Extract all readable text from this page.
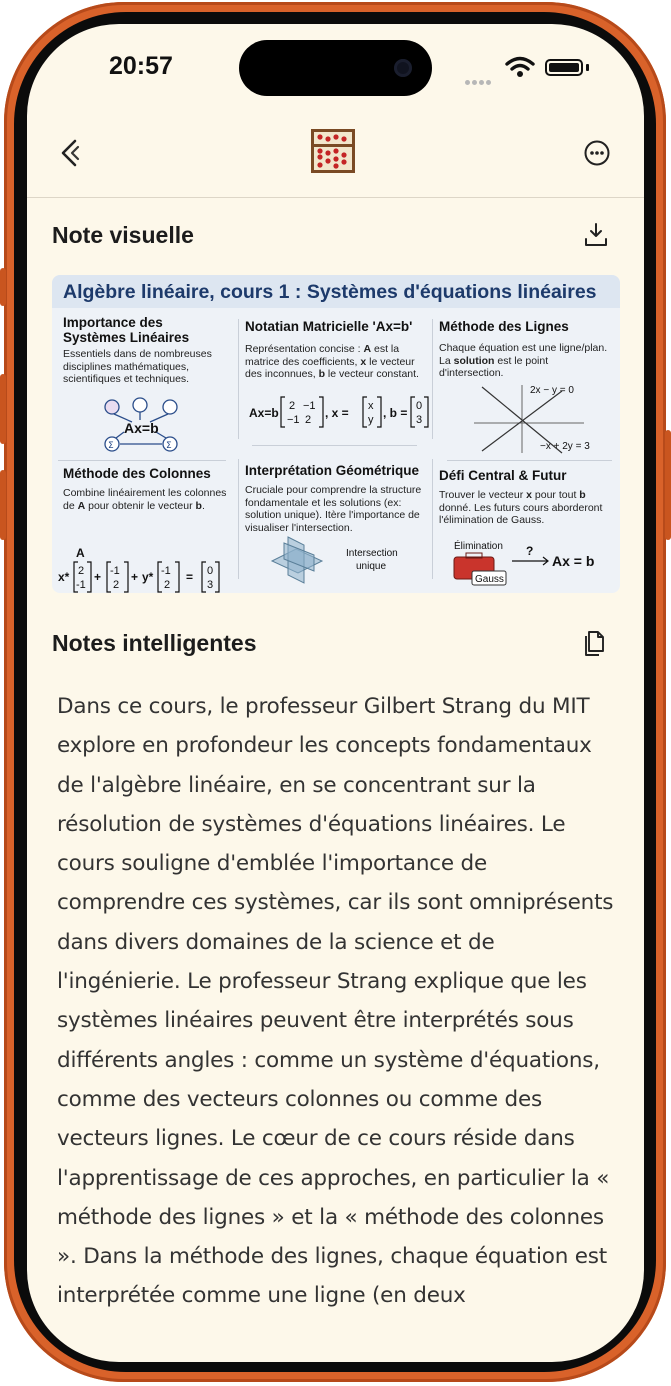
20:57
Note visuelle
Algèbre linéaire, cours 1 : Systèmes d'équations linéaires
Importance des
Systèmes Linéaires
Essentiels dans de nombreuses disciplines mathématiques, scientifiques et techniques.
Σ	Σ
Ax=b
Notatian Matricielle 'Ax=b'
Représentation concise : A est la matrice des coefficients, x le vecteur des inconnues, b le vecteur constant.
Ax=b 2 −1
−1 2 , x = x
y , b = 0
3
Méthode des Lignes
Chaque équation est une ligne/plan. La solution est le point d'intersection.
2x − y = 0
−x + 2y = 3
Méthode des Colonnes
Combine linéairement les colonnes de A pour obtenir le vecteur b.
A
x* 2
-1
+ -1
2
+ y* -1
2
= 0
3
Interprétation Géométrique
Cruciale pour comprendre la structure fondamentale et les solutions (ex: solution unique). Itère l'importance de visualiser l'intersection.
Intersection
unique
Défi Central & Futur
Trouver le vecteur x pour tout b donné. Les futurs cours aborderont l'élimination de Gauss.
Élimination
Gauss
?
Ax = b
Notes intelligentes
Dans ce cours, le professeur Gilbert Strang du MIT explore en profondeur les concepts fondamentaux de l'algèbre linéaire, en se concentrant sur la résolution de systèmes d'équations linéaires. Le cours souligne d'emblée l'importance de comprendre ces systèmes, car ils sont omniprésents dans divers domaines de la science et de l'ingénierie. Le professeur Strang explique que les systèmes linéaires peuvent être interprétés sous différents angles : comme un système d'équations, comme des vecteurs colonnes ou comme des vecteurs lignes. Le cœur de ce cours réside dans l'apprentissage de ces approches, en particulier la « méthode des lignes » et la « méthode des colonnes ». Dans la méthode des lignes, chaque équation est interprétée comme une ligne (en deux
